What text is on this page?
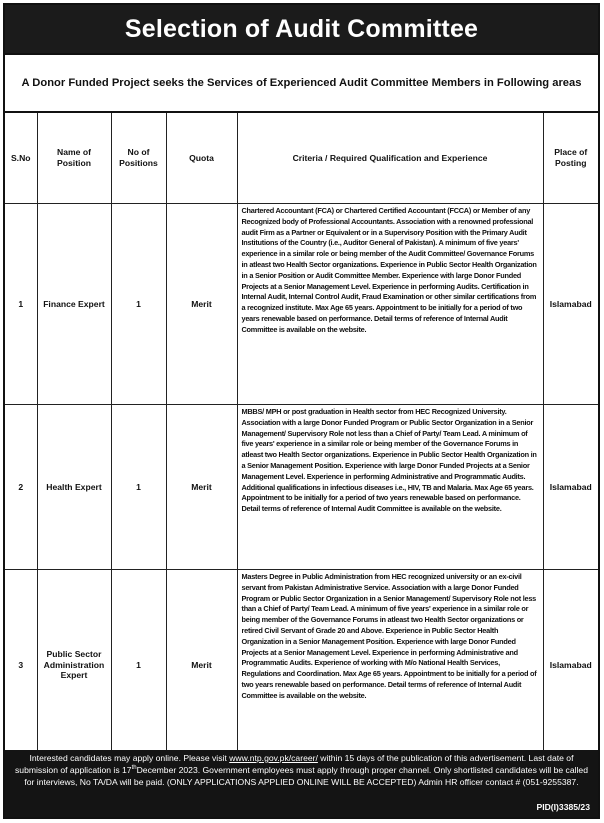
Selection of Audit Committee
A Donor Funded Project seeks the Services of Experienced Audit Committee Members in Following areas
S.No	Name of Position	No of Positions	Quota	Criteria / Required Qualification and Experience	Place of Posting
1	Finance Expert	1	Merit	Chartered Accountant (FCA) or Chartered Certified Accountant (FCCA) or Member of any Recognized body of Professional Accountants. Association with a renowned professional audit Firm as a Partner or Equivalent or in a Supervisory Position with the Primary Audit Institutions of the Country (i.e., Auditor General of Pakistan). A minimum of five years' experience in a similar role or being member of the Audit Committee/ Governance Forums in atleast two Health Sector organizations. Experience in Public Sector Health Organization in a Senior Position or Audit Committee Member. Experience with large Donor Funded Projects at a Senior Management Level. Experience in performing Audits. Certification in Internal Audit, Internal Control Audit, Fraud Examination or other similar certifications from a recognized institute. Max Age 65 years. Appointment to be initially for a period of two years renewable based on performance. Detail terms of reference of Internal Audit Committee is available on the website.	Islamabad
2	Health Expert	1	Merit	MBBS/ MPH or post graduation in Health sector from HEC Recognized University. Association with a large Donor Funded Program or Public Sector Organization in a Senior Management/ Supervisory Role not less than a Chief of Party/ Team Lead. A minimum of five years' experience in a similar role or being member of the Governance Forums in atleast two Health Sector organizations. Experience in Public Sector Health Organization in a Senior Management Position. Experience with large Donor Funded Projects at a Senior Management Level. Experience in performing Administrative and Programmatic Audits. Additional qualifications in infectious diseases i.e., HIV, TB and Malaria. Max Age 65 years. Appointment to be initially for a period of two years renewable based on performance. Detail terms of reference of Internal Audit Committee is available on the website.	Islamabad
3	Public Sector Administration Expert	1	Merit	Masters Degree in Public Administration from HEC recognized university or an ex-civil servant from Pakistan Administrative Service. Association with a large Donor Funded Program or Public Sector Organization in a Senior Management/ Supervisory Role not less than a Chief of Party/ Team Lead. A minimum of five years' experience in a similar role or being member of the Governance Forums in atleast two Health Sector organizations or retired Civil Servant of Grade 20 and Above. Experience in Public Sector Health Organization in a Senior Management Position. Experience with large Donor Funded Projects at a Senior Management Level. Experience in performing Administrative and Programmatic Audits. Experience of working with M/o National Health Services, Regulations and Coordination. Max Age 65 years. Appointment to be initially for a period of two years renewable based on performance. Detail terms of reference of Internal Audit Committee is available on the website.	Islamabad
Interested candidates may apply online. Please visit www.ntp.gov.pk/career/ within 15 days of the publication of this advertisement. Last date of submission of application is 17thDecember 2023. Government employees must apply through proper channel. Only shortlisted candidates will be called for interviews, No TA/DA will be paid. (ONLY APPLICATIONS APPLIED ONLINE WILL BE ACCEPTED) Admin HR officer contact # (051-9255387.
PID(I)3385/23
